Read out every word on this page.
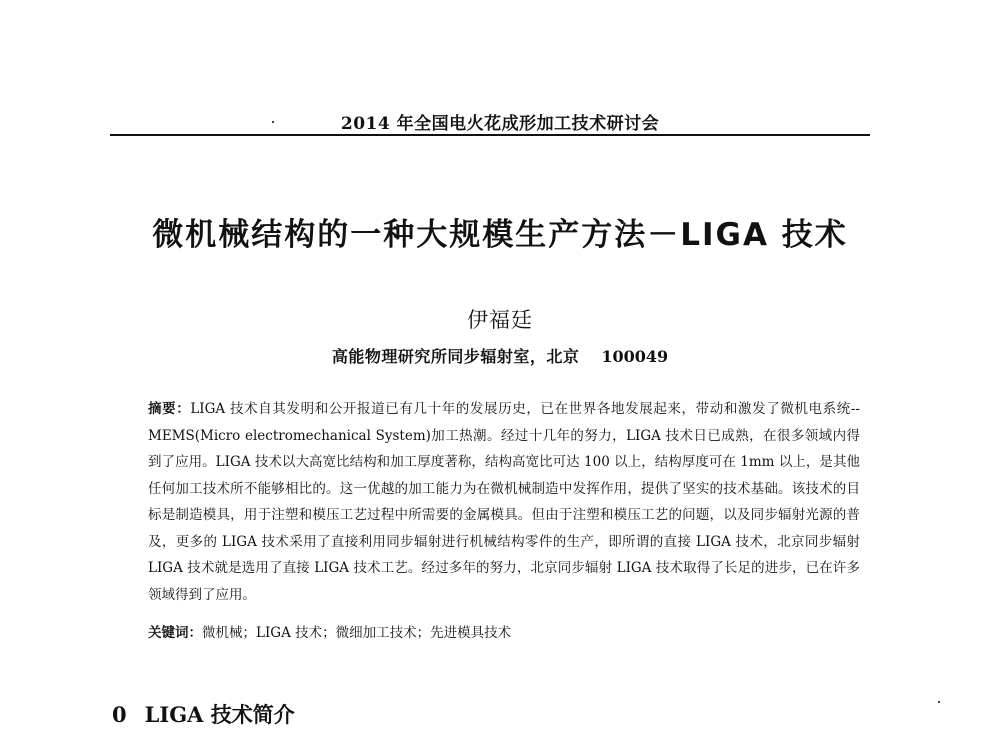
2014 年全国电火花成形加工技术研讨会
微机械结构的一种大规模生产方法－LIGA 技术
伊福廷
高能物理研究所同步辐射室，北京 100049
摘要：LIGA 技术自其发明和公开报道已有几十年的发展历史，已在世界各地发展起来，带动和激发了微机电系统--MEMS(Micro electromechanical System)加工热潮。经过十几年的努力，LIGA 技术日已成熟，在很多领域内得到了应用。LIGA 技术以大高宽比结构和加工厚度著称，结构高宽比可达 100 以上，结构厚度可在 1mm 以上，是其他任何加工技术所不能够相比的。这一优越的加工能力为在微机械制造中发挥作用，提供了坚实的技术基础。该技术的目标是制造模具，用于注塑和模压工艺过程中所需要的金属模具。但由于注塑和模压工艺的问题，以及同步辐射光源的普及，更多的 LIGA 技术采用了直接利用同步辐射进行机械结构零件的生产，即所谓的直接 LIGA 技术，北京同步辐射 LIGA 技术就是选用了直接 LIGA 技术工艺。经过多年的努力，北京同步辐射 LIGA 技术取得了长足的进步，已在许多领域得到了应用。
关键词：微机械；LIGA 技术；微细加工技术；先进模具技术
0 LIGA 技术简介
